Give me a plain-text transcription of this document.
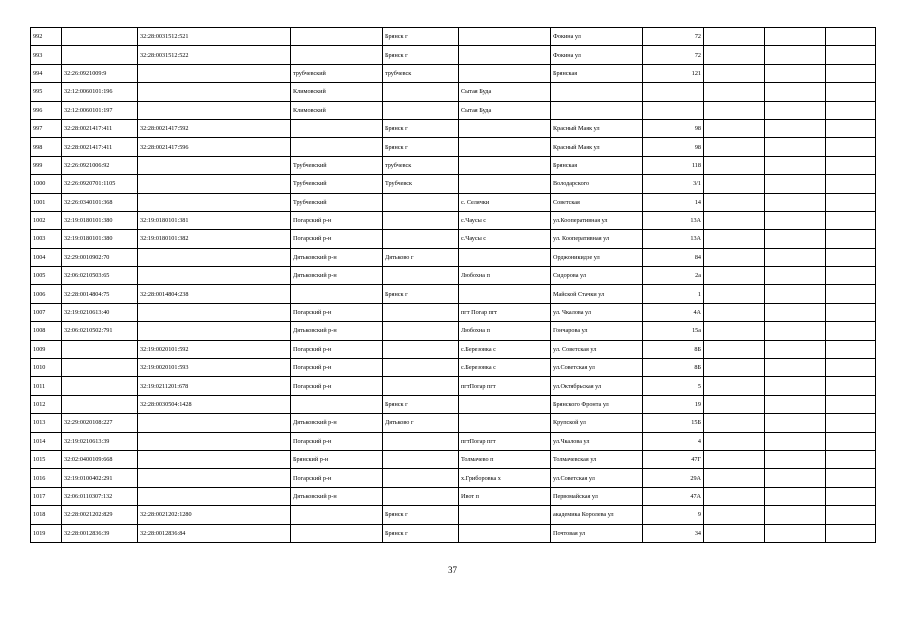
992		32:28:0031512:521		Брянск г		Фокина ул	72			
993		32:28:0031512:522		Брянск г		Фокина ул	72			
994	32:26:0921009:9		трубчевский	трубчевск		Брянская	121			
995	32:12:0060101:196		Климовский		Сытая Буда					
996	32:12:0060101:197		Климовский		Сытая Буда					
997	32:28:0021417:411	32:28:0021417:592		Брянск г		Красный Маяк ул	98			
998	32:28:0021417:411	32:28:0021417:596		Брянск г		Красный Маяк ул	98			
999	32:26:0921006:92		Трубчевский	трубчевск		Брянская	118			
1000	32:26:0920701:1105		Трубчевский	Трубчевск		Володарского	3/1			
1001	32:26:0340101:368		Трубчевский		с. Селячки	Советская	14			
1002	32:19:0180101:380	32:19:0180101:381	Погарский р-н		с.Чаусы с	ул.Кооперативная ул	13А			
1003	32:19:0180101:380	32:19:0180101:382	Погарский р-н		с.Чаусы с	ул. Кооперативная ул	13А			
1004	32:29:0010902:70		Дятьковский р-н	Дятьково г		Орджоникидзе ул	84			
1005	32:06:0210503:65		Дятьковский р-н		Любохна п	Сидорова ул	2а			
1006	32:28:0014804:75	32:28:0014804:238		Брянск г		Майской Стачки ул	1			
1007	32:19:0210613:40		Погарский р-н		пгт Погар пгт	ул. Чкалова ул	4А			
1008	32:06:0210502:791		Дятьковский р-н		Любохна п	Гончарова ул	15а			
1009		32:19:0020101:592	Погарский р-н		с.Березовка с	ул. Советская ул	8Б			
1010		32:19:0020101:593	Погарский р-н		с.Березовка с	ул.Советская ул	8Б			
1011		32:19:0211201:678	Погарский р-н		пгтПогар пгт	ул.Октябрьская ул	5			
1012		32:28:0030504:1428		Брянск г		Брянского Фронта ул	19			
1013	32:29:0020108:227		Дятьковский р-н	Дятьково г		Крупской ул	15Б			
1014	32:19:0210613:39		Погарский р-н		пгтПогар пгт	ул.Чкалова ул	4			
1015	32:02:0400109:668		Брянский р-н		Толмачево п	Толмачевская ул	47Г			
1016	32:19:0100402:291		Погарский р-н		х.Гриборовка х	ул.Советская ул	29А			
1017	32:06:0110307:132		Дятьковский р-н		Ивот п	Первомайская ул	47А			
1018	32:28:0021202:829	32:28:0021202:1280		Брянск г		академика Королева ул	9			
1019	32:28:0012836:39	32:28:0012836:84		Брянск г		Почтовая ул	34			
37
